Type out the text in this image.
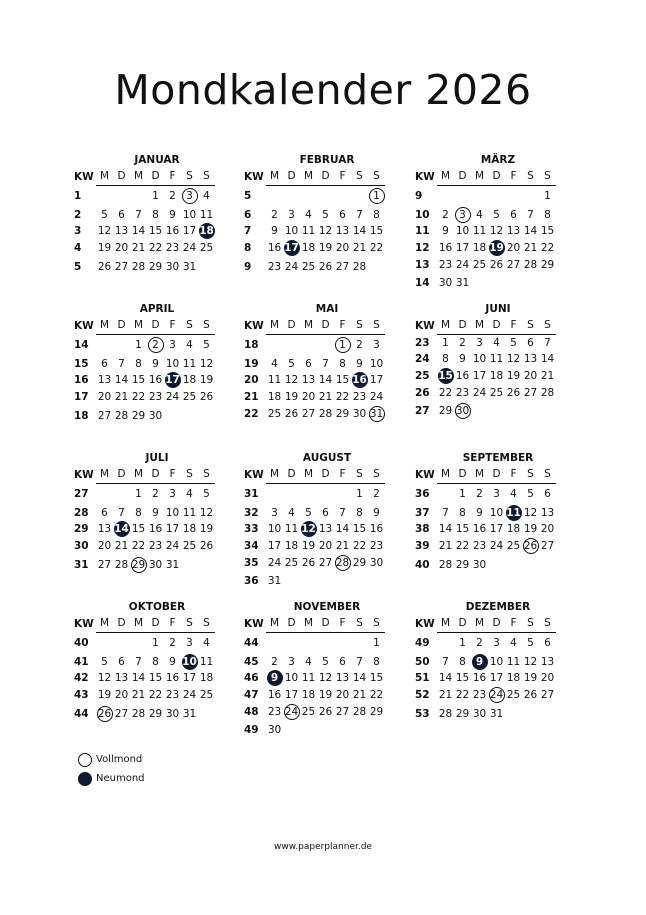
Mondkalender 2026
JANUAR
KW	M	D	M	D	F	S	S
1				1	2	3	4
2	5	6	7	8	9	10	11
3	12	13	14	15	16	17	18
4	19	20	21	22	23	24	25
5	26	27	28	29	30	31	
FEBRUAR
KW	M	D	M	D	F	S	S
5							1
6	2	3	4	5	6	7	8
7	9	10	11	12	13	14	15
8	16	17	18	19	20	21	22
9	23	24	25	26	27	28	
MÄRZ
KW	M	D	M	D	F	S	S
9							1
10	2	3	4	5	6	7	8
11	9	10	11	12	13	14	15
12	16	17	18	19	20	21	22
13	23	24	25	26	27	28	29
14	30	31					
APRIL
KW	M	D	M	D	F	S	S
14			1	2	3	4	5
15	6	7	8	9	10	11	12
16	13	14	15	16	17	18	19
17	20	21	22	23	24	25	26
18	27	28	29	30			
MAI
KW	M	D	M	D	F	S	S
18					1	2	3
19	4	5	6	7	8	9	10
20	11	12	13	14	15	16	17
21	18	19	20	21	22	23	24
22	25	26	27	28	29	30	31
JUNI
KW	M	D	M	D	F	S	S
23	1	2	3	4	5	6	7
24	8	9	10	11	12	13	14
25	15	16	17	18	19	20	21
26	22	23	24	25	26	27	28
27	29	30					
JULI
KW	M	D	M	D	F	S	S
27			1	2	3	4	5
28	6	7	8	9	10	11	12
29	13	14	15	16	17	18	19
30	20	21	22	23	24	25	26
31	27	28	29	30	31		
AUGUST
KW	M	D	M	D	F	S	S
31						1	2
32	3	4	5	6	7	8	9
33	10	11	12	13	14	15	16
34	17	18	19	20	21	22	23
35	24	25	26	27	28	29	30
36	31						
SEPTEMBER
KW	M	D	M	D	F	S	S
36		1	2	3	4	5	6
37	7	8	9	10	11	12	13
38	14	15	16	17	18	19	20
39	21	22	23	24	25	26	27
40	28	29	30				
OKTOBER
KW	M	D	M	D	F	S	S
40				1	2	3	4
41	5	6	7	8	9	10	11
42	12	13	14	15	16	17	18
43	19	20	21	22	23	24	25
44	26	27	28	29	30	31	
NOVEMBER
KW	M	D	M	D	F	S	S
44							1
45	2	3	4	5	6	7	8
46	9	10	11	12	13	14	15
47	16	17	18	19	20	21	22
48	23	24	25	26	27	28	29
49	30						
DEZEMBER
KW	M	D	M	D	F	S	S
49		1	2	3	4	5	6
50	7	8	9	10	11	12	13
51	14	15	16	17	18	19	20
52	21	22	23	24	25	26	27
53	28	29	30	31			
Vollmond
Neumond
www.paperplanner.de
